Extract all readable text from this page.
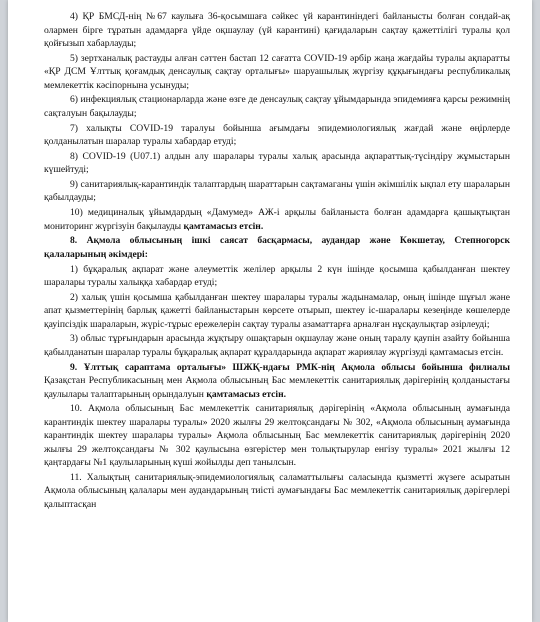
4) ҚР БМСД-нің №67 каулыға 36-қосымшаға сәйкес үй карантиніндегі байланысты болған сондай-ақ олармен бірге тұратын адамдарға үйде оқшаулау (үй карантині) қағидаларын сақтау қажеттілігі туралы қол қойғызып хабарлауды;

5) зертханалық растауды алған сәттен бастап 12 сағатта COVID-19 әрбір жаңа жағдайы туралы ақпаратты «ҚР ДСМ Ұлттық қоғамдық денсаулық сақтау орталығы» шаруашылық жүргізу құқығындағы республикалық мемлекеттік кәсіпорнына усынуды;

6) инфекциялық стационарларда және өзге де денсаулық сақтау ұйымдарында эпидемияға қарсы режимнің сақталуын бақылауды;

7) халықты COVID-19 таралуы бойынша ағымдағы эпидемиологиялық жағдай және өңірлерде қолданылатын шаралар туралы хабардар етуді;

8) COVID-19 (U07.1) алдын алу шаралары туралы халық арасында ақпараттық-түсіндіру жұмыстарын күшейтуді;

9) санитариялық-карантиндік талаптардың шараттарын сақтамаганы үшін әкімшілік ықпал ету шараларын қабылдауды;

10) медициналық ұйымдардың «Дамумед» АЖ-і арқылы байланыста болған адамдарға қашықтықтан мониторинг жүргізуін бақылауды қамтамасыз етсін.

8. Ақмола облысының ішкі саясат басқармасы, аудандар және Көкшетау, Степногорск қалаларының әкімдері:

1) бұқаралық ақпарат және әлеуметтік желілер арқылы 2 күн ішінде қосымша қабылданған шектеу шаралары туралы халыққа хабардар етуді;

2) халық үшін қосымша қабылданған шектеу шаралары туралы жадынамалар, оның ішінде шұғыл және апат қызметтерінің барлық қажетті байланыстарын көрсете отырып, шектеу іс-шаралары кезеңінде көшелерде қауіпсіздік шараларын, жүріс-тұрыс ережелерін сақтау туралы азаматтарға арналған нұсқаулықтар әзірлеуді;

3) облыс тұрғындарын арасында жұқтыру ошақтарын оқшаулау және оның таралу қаупін азайту бойынша қабылданатын шаралар туралы бұқаралық ақпарат құралдарында ақпарат жариялау жүргізуді қамтамасыз етсін.

9. Ұлттық сараптама орталығы» ШЖҚ-ндағы РМК-нің Ақмола облысы бойынша филиалы Қазақстан Республикасының мен Ақмола облысының Бас мемлекеттік санитариялық дәрігерінің қолданыстағы қаулылары талаптарының орындалуын қамтамасыз етсін.

10. Ақмола облысының Бас мемлекеттік санитариялық дәрігерінің «Ақмола облысының аумағында карантиндік шектеу шаралары туралы» 2020 жылғы 29 желтоқсандағы № 302, «Ақмола облысының аумағында карантиндік шектеу шаралары туралы» Ақмола облысының Бас мемлекеттік санитариялық дәрігерінің 2020 жылғы 29 желтоқсандағы № 302 қаулысына өзгерістер мен толықтырулар енгізу туралы» 2021 жылғы 12 қаңтардағы №1 қаулыларының күші жойылды деп танылсын.

11. Халықтың санитариялық-эпидемиологиялық саламаттылығы саласында қызметті жүзеге асыратын Ақмола облысының қалалары мен аудандарының тиісті аумағындағы Бас мемлекеттік санитариялық дәрігерлері қалыптасқан
